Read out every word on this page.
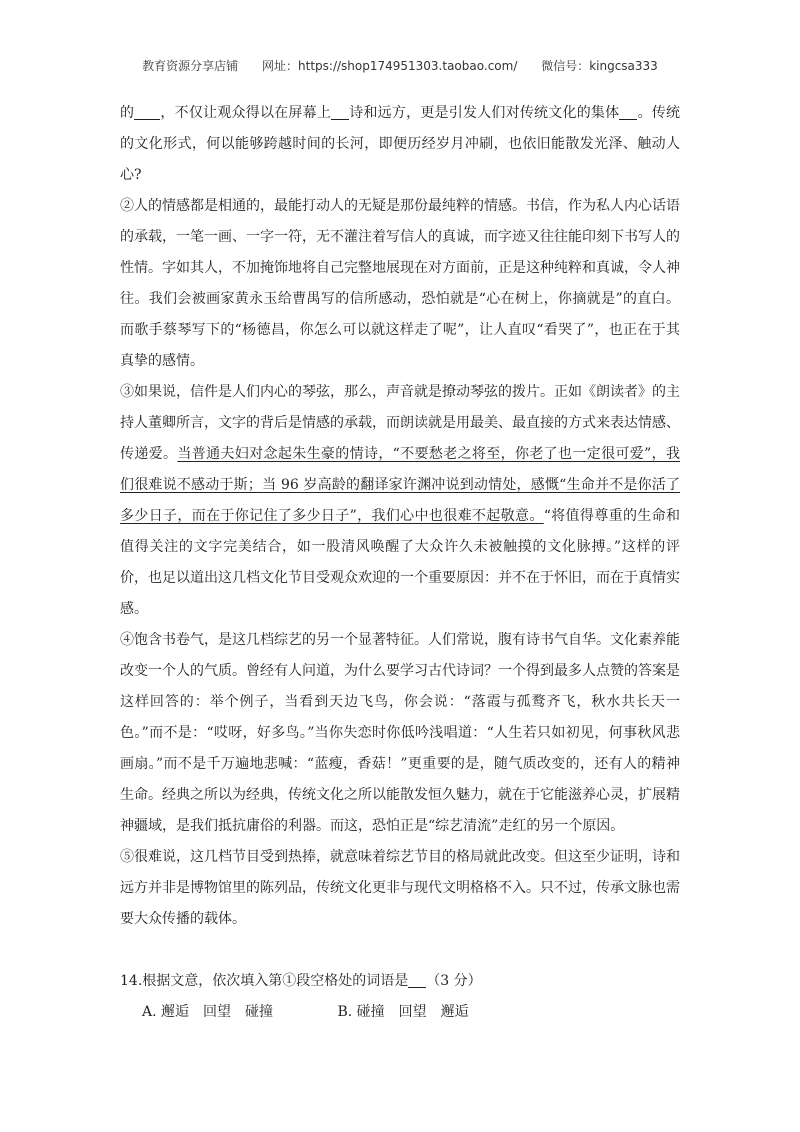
教育资源分享店铺 网址：https://shop174951303.taobao.com/ 微信号：kingcsa333

的 ，不仅让观众得以在屏幕上 诗和远方，更是引发人们对传统文化的集体 。传统的文化形式，何以能够跨越时间的长河，即便历经岁月冲刷，也依旧能散发光泽、触动人心?

②人的情感都是相通的，最能打动人的无疑是那份最纯粹的情感。书信，作为私人内心话语的承载，一笔一画、一字一符，无不灌注着写信人的真诚，而字迹又往往能印刻下书写人的性情。字如其人，不加掩饰地将自己完整地展现在对方面前，正是这种纯粹和真诚，令人神往。我们会被画家黄永玉给曹禺写的信所感动，恐怕就是“心在树上，你摘就是”的直白。而歌手蔡琴写下的“杨德昌，你怎么可以就这样走了呢”，让人直叹“看哭了”，也正在于其真挚的感情。

③如果说，信件是人们内心的琴弦，那么，声音就是撩动琴弦的拨片。正如《朗读者》的主持人董卿所言，文字的背后是情感的承载，而朗读就是用最美、最直接的方式来表达情感、传递爱。当普通夫妇对念起朱生豪的情诗，“不要愁老之将至，你老了也一定很可爱”，我们很难说不感动于斯；当 96 岁高龄的翻译家许渊冲说到动情处，感慨“生命并不是你活了多少日子，而在于你记住了多少日子”，我们心中也很难不起敬意。“将值得尊重的生命和值得关注的文字完美结合，如一股清风唤醒了大众许久未被触摸的文化脉搏。”这样的评价，也足以道出这几档文化节目受观众欢迎的一个重要原因：并不在于怀旧，而在于真情实感。

④饱含书卷气，是这几档综艺的另一个显著特征。人们常说，腹有诗书气自华。文化素养能改变一个人的气质。曾经有人问道，为什么要学习古代诗词？一个得到最多人点赞的答案是这样回答的：举个例子，当看到天边飞鸟，你会说：“落霞与孤鹜齐飞，秋水共长天一色。”而不是：“哎呀，好多鸟。”当你失恋时你低吟浅唱道：“人生若只如初见，何事秋风悲画扇。”而不是千万遍地悲喊：“蓝瘦，香菇！”更重要的是，随气质改变的，还有人的精神生命。经典之所以为经典，传统文化之所以能散发恒久魅力，就在于它能滋养心灵，扩展精神疆域，是我们抵抗庸俗的利器。而这，恐怕正是“综艺清流”走红的另一个原因。

⑤很难说，这几档节目受到热捧，就意味着综艺节目的格局就此改变。但这至少证明，诗和远方并非是博物馆里的陈列品，传统文化更非与现代文明格格不入。只不过，传承文脉也需要大众传播的载体。

14.根据文意，依次填入第①段空格处的词语是 （3 分）

A. 邂逅　回望　碰撞	B. 碰撞　回望　邂逅
